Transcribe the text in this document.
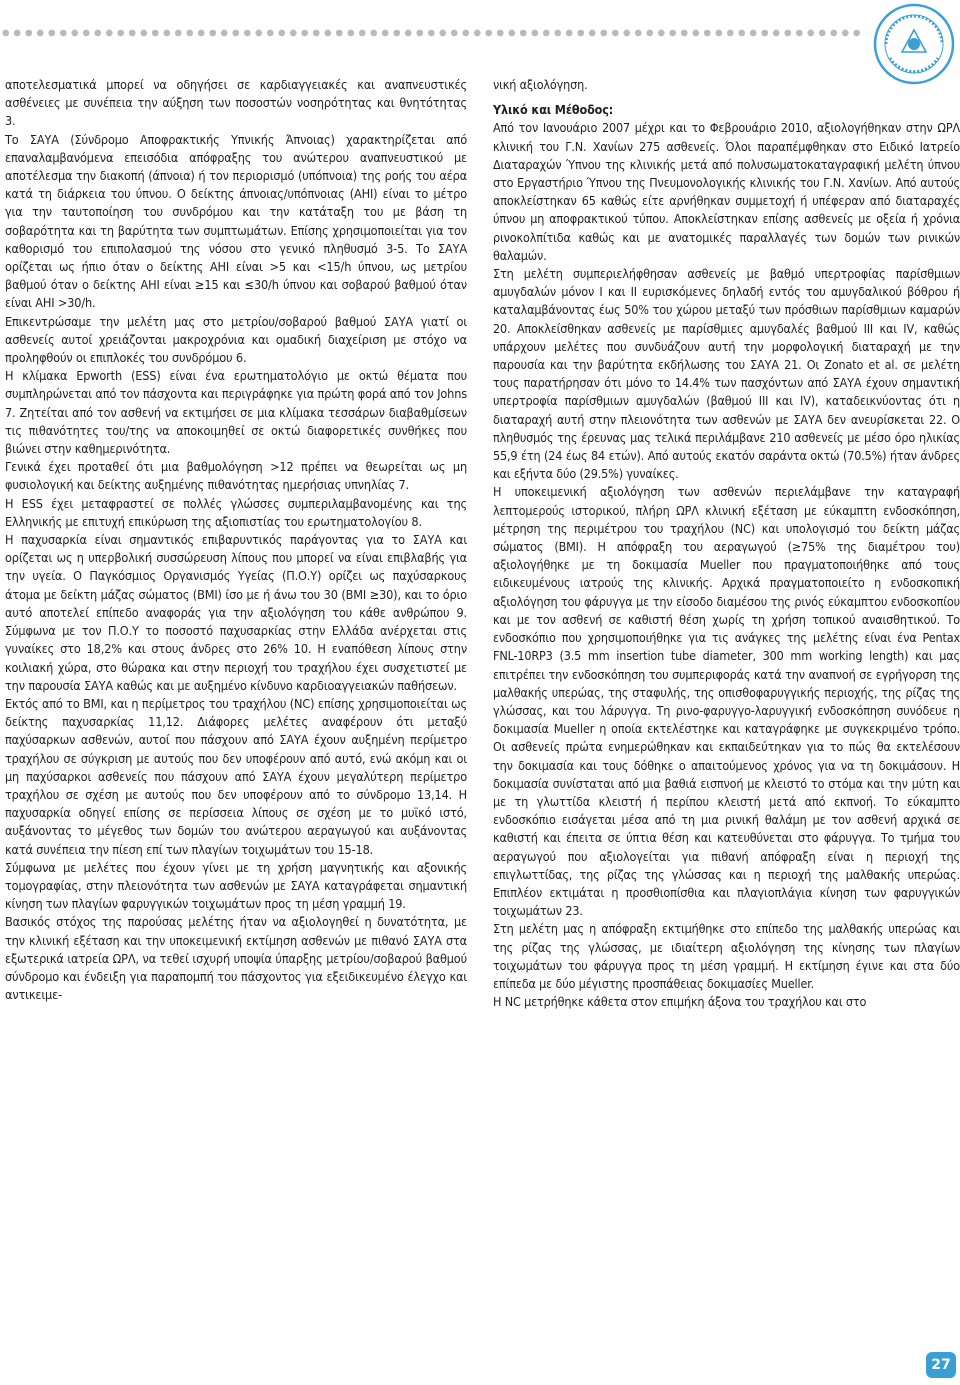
αποτελεσματικά μπορεί να οδηγήσει σε καρδιαγγειακές και αναπνευστικές ασθένειες με συνέπεια την αύξηση των ποσοστών νοσηρότητας και θνητότητας 3.

Το ΣΑΥΑ (Σύνδρομο Αποφρακτικής Υπνικής Άπνοιας) χαρακτηρίζεται από επαναλαμβανόμενα επεισόδια απόφραξης του ανώτερου αναπνευστικού με αποτέλεσμα την διακοπή (άπνοια) ή τον περιορισμό (υπόπνοια) της ροής του αέρα κατά τη διάρκεια του ύπνου. Ο δείκτης άπνοιας/υπόπνοιας (AHI) είναι το μέτρο για την ταυτοποίηση του συνδρόμου και την κατάταξη του με βάση τη σοβαρότητα και τη βαρύτητα των συμπτωμάτων. Επίσης χρησιμοποιείται για τον καθορισμό του επιπολασμού της νόσου στο γενικό πληθυσμό 3-5. Το ΣΑΥΑ ορίζεται ως ήπιο όταν ο δείκτης AHI είναι >5 και <15/h ύπνου, ως μετρίου βαθμού όταν ο δείκτης AHI είναι ≥15 και ≤30/h ύπνου και σοβαρού βαθμού όταν είναι AHI >30/h.

Επικεντρώσαμε την μελέτη μας στο μετρίου/σοβαρού βαθμού ΣΑΥΑ γιατί οι ασθενείς αυτοί χρειάζονται μακροχρόνια και ομαδική διαχείριση με στόχο να προληφθούν οι επιπλοκές του συνδρόμου 6.

Η κλίμακα Epworth (ESS) είναι ένα ερωτηματολόγιο με οκτώ θέματα που συμπληρώνεται από τον πάσχοντα και περιγράφηκε για πρώτη φορά από τον Johns 7. Ζητείται από τον ασθενή να εκτιμήσει σε μια κλίμακα τεσσάρων διαβαθμίσεων τις πιθανότητες του/της να αποκοιμηθεί σε οκτώ διαφορετικές συνθήκες που βιώνει στην καθημερινότητα.

Γενικά έχει προταθεί ότι μια βαθμολόγηση >12 πρέπει να θεωρείται ως μη φυσιολογική και δείκτης αυξημένης πιθανότητας ημερήσιας υπνηλίας 7.

Η ESS έχει μεταφραστεί σε πολλές γλώσσες συμπεριλαμβανομένης και της Ελληνικής με επιτυχή επικύρωση της αξιοπιστίας του ερωτηματολογίου 8.

Η παχυσαρκία είναι σημαντικός επιβαρυντικός παράγοντας για το ΣΑΥΑ και ορίζεται ως η υπερβολική συσσώρευση λίπους που μπορεί να είναι επιβλαβής για την υγεία. Ο Παγκόσμιος Οργανισμός Υγείας (Π.Ο.Υ) ορίζει ως παχύσαρκους άτομα με δείκτη μάζας σώματος (BMI) ίσο με ή άνω του 30 (BMI ≥30), και το όριο αυτό αποτελεί επίπεδο αναφοράς για την αξιολόγηση του κάθε ανθρώπου 9. Σύμφωνα με τον Π.Ο.Υ το ποσοστό παχυσαρκίας στην Ελλάδα ανέρχεται στις γυναίκες στο 18,2% και στους άνδρες στο 26% 10. Η εναπόθεση λίπους στην κοιλιακή χώρα, στο θώρακα και στην περιοχή του τραχήλου έχει συσχετιστεί με την παρουσία ΣΑΥΑ καθώς και με αυξημένο κίνδυνο καρδιοαγγειακών παθήσεων.

Εκτός από το BMI, και η περίμετρος του τραχήλου (NC) επίσης χρησιμοποιείται ως δείκτης παχυσαρκίας 11,12. Διάφορες μελέτες αναφέρουν ότι μεταξύ παχύσαρκων ασθενών, αυτοί που πάσχουν από ΣΑΥΑ έχουν αυξημένη περίμετρο τραχήλου σε σύγκριση με αυτούς που δεν υποφέρουν από αυτό, ενώ ακόμη και οι μη παχύσαρκοι ασθενείς που πάσχουν από ΣΑΥΑ έχουν μεγαλύτερη περίμετρο τραχήλου σε σχέση με αυτούς που δεν υποφέρουν από το σύνδρομο 13,14. Η παχυσαρκία οδηγεί επίσης σε περίσσεια λίπους σε σχέση με το μυϊκό ιστό, αυξάνοντας το μέγεθος των δομών του ανώτερου αεραγωγού και αυξάνοντας κατά συνέπεια την πίεση επί των πλαγίων τοιχωμάτων του 15-18.

Σύμφωνα με μελέτες που έχουν γίνει με τη χρήση μαγνητικής και αξονικής τομογραφίας, στην πλειονότητα των ασθενών με ΣΑΥΑ καταγράφεται σημαντική κίνηση των πλαγίων φαρυγγικών τοιχωμάτων προς τη μέση γραμμή 19.

Βασικός στόχος της παρούσας μελέτης ήταν να αξιολογηθεί η δυνατότητα, με την κλινική εξέταση και την υποκειμενική εκτίμηση ασθενών με πιθανό ΣΑΥΑ στα εξωτερικά ιατρεία ΩΡΛ, να τεθεί ισχυρή υποψία ύπαρξης μετρίου/σοβαρού βαθμού σύνδρομο και ένδειξη για παραπομπή του πάσχοντος για εξειδικευμένο έλεγχο και αντικειμε-

νική αξιολόγηση.

Υλικό και Μέθοδος:

Από τον Ιανουάριο 2007 μέχρι και το Φεβρουάριο 2010, αξιολογήθηκαν στην ΩΡΛ κλινική του Γ.Ν. Χανίων 275 ασθενείς. Όλοι παραπέμφθηκαν στο Ειδικό Ιατρείο Διαταραχών Ύπνου της κλινικής μετά από πολυσωματοκαταγραφική μελέτη ύπνου στο Εργαστήριο Ύπνου της Πνευμονολογικής κλινικής του Γ.Ν. Χανίων. Από αυτούς αποκλείστηκαν 65 καθώς είτε αρνήθηκαν συμμετοχή ή υπέφεραν από διαταραχές ύπνου μη αποφρακτικού τύπου. Αποκλείστηκαν επίσης ασθενείς με οξεία ή χρόνια ρινοκολπίτιδα καθώς και με ανατομικές παραλλαγές των δομών των ρινικών θαλαμών.

Στη μελέτη συμπεριελήφθησαν ασθενείς με βαθμό υπερτροφίας παρίσθμιων αμυγδαλών μόνον I και II ευρισκόμενες δηλαδή εντός του αμυγδαλικού βόθρου ή καταλαμβάνοντας έως 50% του χώρου μεταξύ των πρόσθιων παρίσθμιων καμαρών 20. Αποκλείσθηκαν ασθενείς με παρίσθμιες αμυγδαλές βαθμού III και IV, καθώς υπάρχουν μελέτες που συνδυάζουν αυτή την μορφολογική διαταραχή με την παρουσία και την βαρύτητα εκδήλωσης του ΣΑΥΑ 21. Οι Zonato et al. σε μελέτη τους παρατήρησαν ότι μόνο το 14.4% των πασχόντων από ΣΑΥΑ έχουν σημαντική υπερτροφία παρίσθμιων αμυγδαλών (βαθμού III και IV), καταδεικνύοντας ότι η διαταραχή αυτή στην πλειονότητα των ασθενών με ΣΑΥΑ δεν ανευρίσκεται 22. Ο πληθυσμός της έρευνας μας τελικά περιλάμβανε 210 ασθενείς με μέσο όρο ηλικίας 55,9 έτη (24 έως 84 ετών). Από αυτούς εκατόν σαράντα οκτώ (70.5%) ήταν άνδρες και εξήντα δύο (29.5%) γυναίκες.

Η υποκειμενική αξιολόγηση των ασθενών περιελάμβανε την καταγραφή λεπτομερούς ιστορικού, πλήρη ΩΡΛ κλινική εξέταση με εύκαμπτη ενδοσκόπηση, μέτρηση της περιμέτρου του τραχήλου (NC) και υπολογισμό του δείκτη μάζας σώματος (BMI). Η απόφραξη του αεραγωγού (≥75% της διαμέτρου του) αξιολογήθηκε με τη δοκιμασία Mueller που πραγματοποιήθηκε από τους ειδικευμένους ιατρούς της κλινικής. Αρχικά πραγματοποιείτο η ενδοσκοπική αξιολόγηση του φάρυγγα με την είσοδο διαμέσου της ρινός εύκαμπτου ενδοσκοπίου και με τον ασθενή σε καθιστή θέση χωρίς τη χρήση τοπικού αναισθητικού. Το ενδοσκόπιο που χρησιμοποιήθηκε για τις ανάγκες της μελέτης είναι ένα Pentax FNL-10RP3 (3.5 mm insertion tube diameter, 300 mm working length) και μας επιτρέπει την ενδοσκόπηση του συμπεριφοράς κατά την αναπνοή σε εγρήγορση της μαλθακής υπερώας, της σταφυλής, της οπισθοφαρυγγικής περιοχής, της ρίζας της γλώσσας, και του λάρυγγα. Τη ρινο-φαρυγγο-λαρυγγική ενδοσκόπηση συνόδευε η δοκιμασία Mueller η οποία εκτελέστηκε και καταγράφηκε με συγκεκριμένο τρόπο. Οι ασθενείς πρώτα ενημερώθηκαν και εκπαιδεύτηκαν για το πώς θα εκτελέσουν την δοκιμασία και τους δόθηκε ο απαιτούμενος χρόνος για να τη δοκιμάσουν. Η δοκιμασία συνίσταται από μια βαθιά εισπνοή με κλειστό το στόμα και την μύτη και με τη γλωττίδα κλειστή ή περίπου κλειστή μετά από εκπνοή. Το εύκαμπτο ενδοσκόπιο εισάγεται μέσα από τη μια ρινική θαλάμη με τον ασθενή αρχικά σε καθιστή και έπειτα σε ύπτια θέση και κατευθύνεται στο φάρυγγα. Το τμήμα του αεραγωγού που αξιολογείται για πιθανή απόφραξη είναι η περιοχή της επιγλωττίδας, της ρίζας της γλώσσας και η περιοχή της μαλθακής υπερώας. Επιπλέον εκτιμάται η προσθιοπίσθια και πλαγιοπλάγια κίνηση των φαρυγγικών τοιχωμάτων 23.

Στη μελέτη μας η απόφραξη εκτιμήθηκε στο επίπεδο της μαλθακής υπερώας και της ρίζας της γλώσσας, με ιδιαίτερη αξιολόγηση της κίνησης των πλαγίων τοιχωμάτων του φάρυγγα προς τη μέση γραμμή. Η εκτίμηση έγινε και στα δύο επίπεδα με δύο μέγιστης προσπάθειας δοκιμασίες Mueller.

Η NC μετρήθηκε κάθετα στον επιμήκη άξονα του τραχήλου και στο

27
